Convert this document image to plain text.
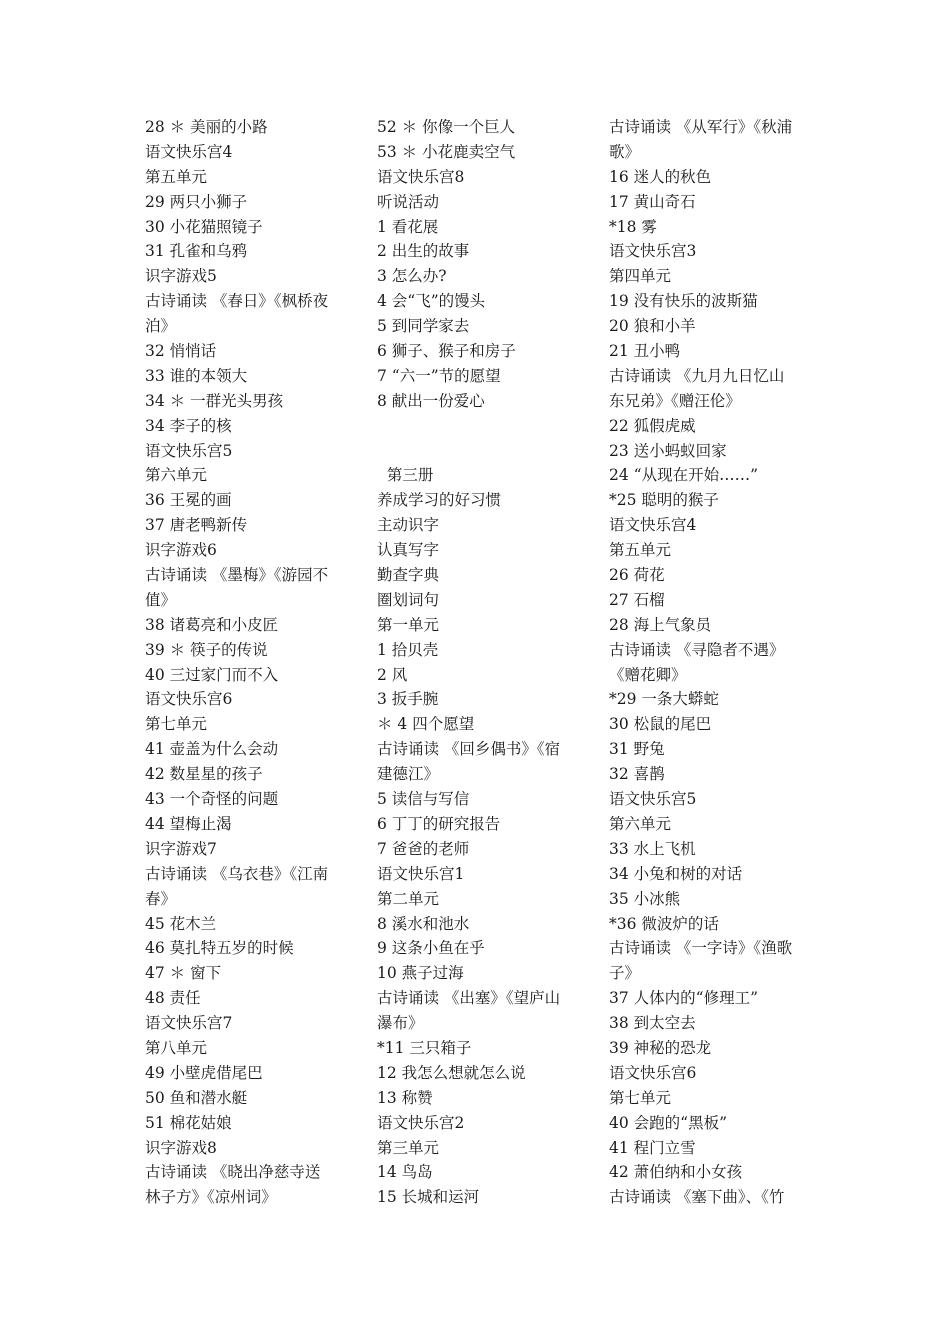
28 ＊ 美丽的小路
语文快乐宫4
第五单元
29 两只小狮子
30 小花猫照镜子
31 孔雀和乌鸦
识字游戏5
古诗诵读 《春日》《枫桥夜
泊》
32 悄悄话
33 谁的本领大
34 ＊ 一群光头男孩
34 李子的核
语文快乐宫5
第六单元
36 王冕的画
37 唐老鸭新传
识字游戏6
古诗诵读 《墨梅》《游园不
值》
38 诸葛亮和小皮匠
39 ＊ 筷子的传说
40 三过家门而不入
语文快乐宫6
第七单元
41 壶盖为什么会动
42 数星星的孩子
43 一个奇怪的问题
44 望梅止渴
识字游戏7
古诗诵读 《乌衣巷》《江南
春》
45 花木兰
46 莫扎特五岁的时候
47 ＊ 窗下
48 责任
语文快乐宫7
第八单元
49 小壁虎借尾巴
50 鱼和潜水艇
51 棉花姑娘
识字游戏8
古诗诵读 《晓出净慈寺送
林子方》《凉州词》
52 ＊ 你像一个巨人
53 ＊ 小花鹿卖空气
语文快乐宫8
听说活动
1 看花展
2 出生的故事
3 怎么办?
4 会“飞”的馒头
5 到同学家去
6 狮子、猴子和房子
7 “六一”节的愿望
8 献出一份爱心
第三册
养成学习的好习惯
主动识字
认真写字
勤查字典
圈划词句
第一单元
1 拾贝壳
2 风
3 扳手腕
＊ 4 四个愿望
古诗诵读 《回乡偶书》《宿
建德江》
5 读信与写信
6 丁丁的研究报告
7 爸爸的老师
语文快乐宫1
第二单元
8 溪水和池水
9 这条小鱼在乎
10 燕子过海
古诗诵读 《出塞》《望庐山
瀑布》
*11 三只箱子
12 我怎么想就怎么说
13 称赞
语文快乐宫2
第三单元
14 鸟岛
15 长城和运河
古诗诵读 《从军行》《秋浦
歌》
16 迷人的秋色
17 黄山奇石
*18 雾
语文快乐宫3
第四单元
19 没有快乐的波斯猫
20 狼和小羊
21 丑小鸭
古诗诵读 《九月九日忆山
东兄弟》《赠汪伦》
22 狐假虎威
23 送小蚂蚁回家
24 “从现在开始……”
*25 聪明的猴子
语文快乐宫4
第五单元
26 荷花
27 石榴
28 海上气象员
古诗诵读 《寻隐者不遇》
《赠花卿》
*29 一条大蟒蛇
30 松鼠的尾巴
31 野兔
32 喜鹊
语文快乐宫5
第六单元
33 水上飞机
34 小兔和树的对话
35 小冰熊
*36 微波炉的话
古诗诵读 《一字诗》《渔歌
子》
37 人体内的“修理工”
38 到太空去
39 神秘的恐龙
语文快乐宫6
第七单元
40 会跑的“黑板”
41 程门立雪
42 萧伯纳和小女孩
古诗诵读 《塞下曲》、《竹
